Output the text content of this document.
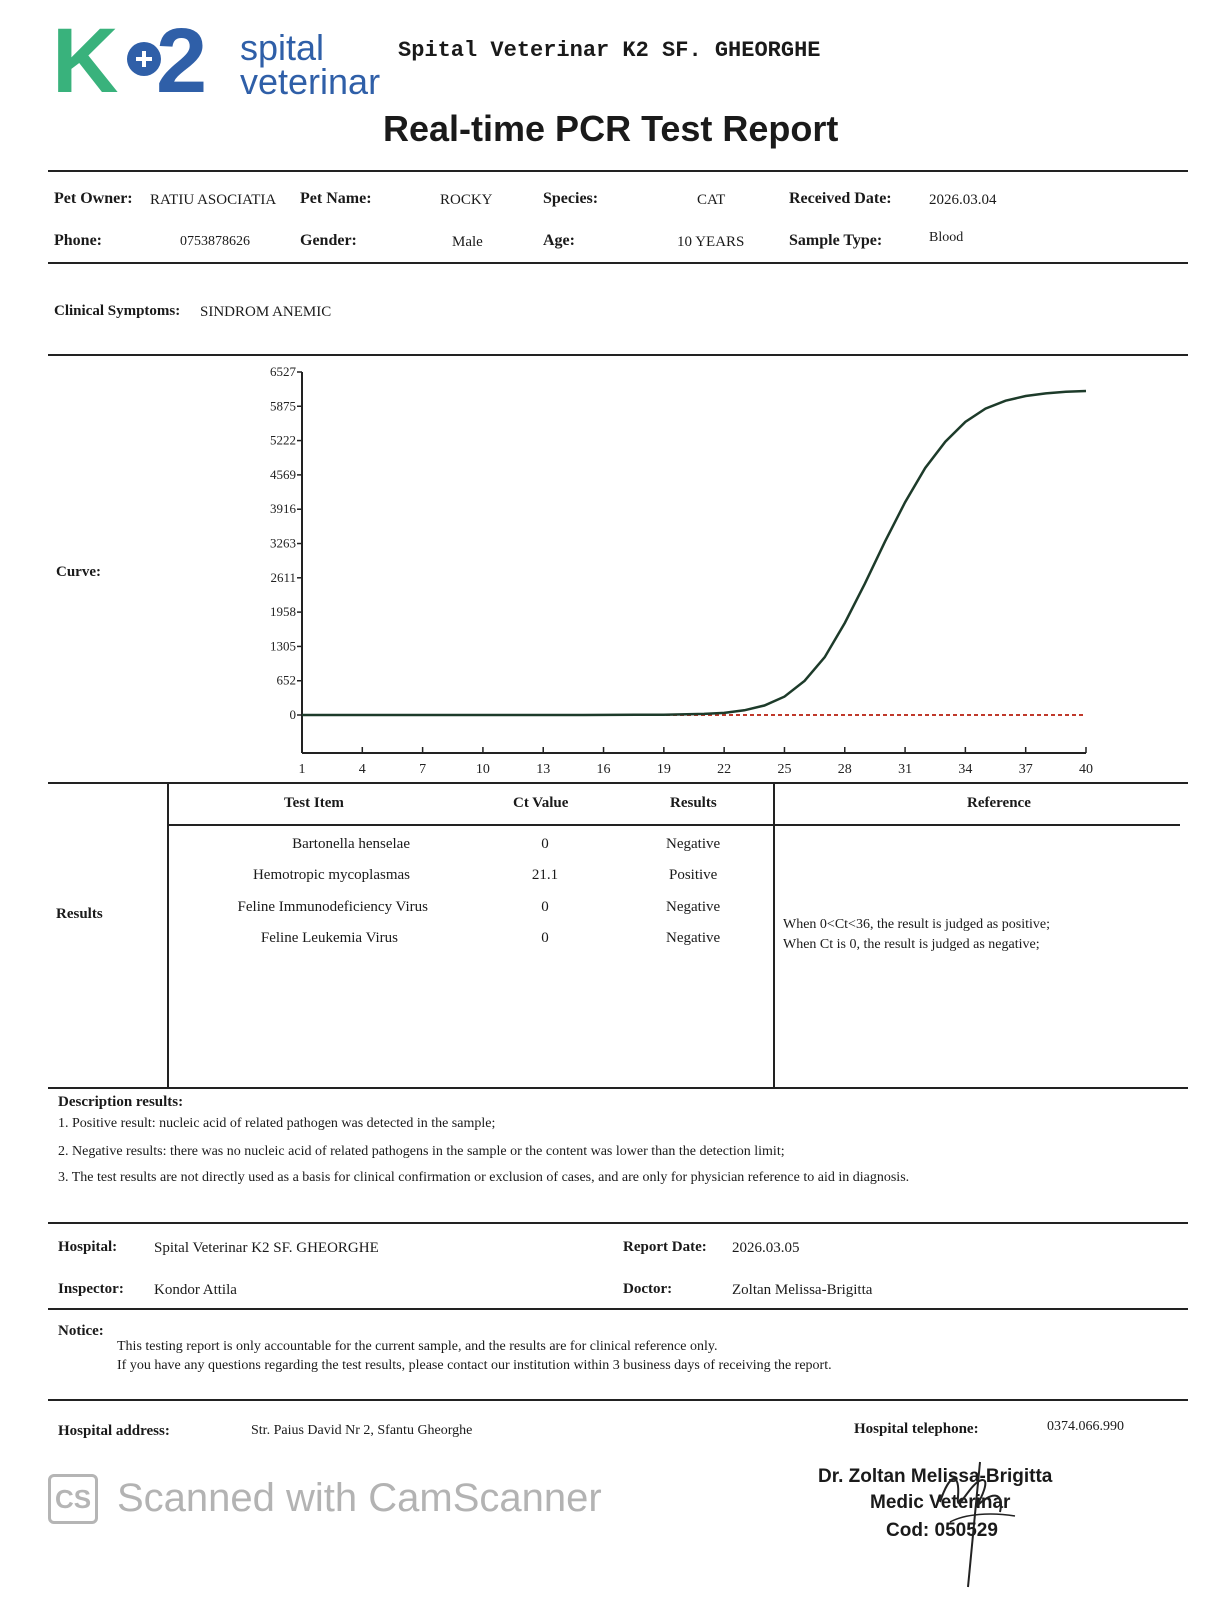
K 2 spital
veterinar
Spital Veterinar K2 SF. GHEORGHE
Real-time PCR Test Report
Pet Owner: RATIU ASOCIATIA Pet Name:	ROCKY	Species:	CAT	Received Date: 2026.03.04
Phone:	0753878626	Gender:	Male	Age:	10 YEARS	Sample Type:	Blood
Clinical Symptoms: SINDROM ANEMIC
Curve:
0
652
1305
1958
2611
3263
3916
4569
5222
5875
6527
1	4	7	10	13	16	19	22	25	28	31	34	37	40
Results
Test Item	Ct Value	Results	Reference
Bartonella henselae	0	Negative
Hemotropic mycoplasmas	21.1	Positive
Feline Immunodeficiency Virus	0	Negative
Feline Leukemia Virus	0	Negative
When 0<Ct<36, the result is judged as positive;
When Ct is 0, the result is judged as negative;
Description results:
1. Positive result: nucleic acid of related pathogen was detected in the sample;
2. Negative results: there was no nucleic acid of related pathogens in the sample or the content was lower than the detection limit;
3. The test results are not directly used as a basis for clinical confirmation or exclusion of cases, and are only for physician reference to aid in diagnosis.
Hospital: Spital Veterinar K2 SF. GHEORGHE	Report Date: 2026.03.05
Inspector: Kondor Attila	Doctor:	Zoltan Melissa-Brigitta
Notice:
This testing report is only accountable for the current sample, and the results are for clinical reference only.
If you have any questions regarding the test results, please contact our institution within 3 business days of receiving the report.
Hospital address:	Str. Paius David Nr 2, Sfantu Gheorghe	Hospital telephone:	0374.066.990
Dr. Zoltan Melissa-Brigitta
Medic Veterinar
Cod: 050529
CS Scanned with CamScanner
